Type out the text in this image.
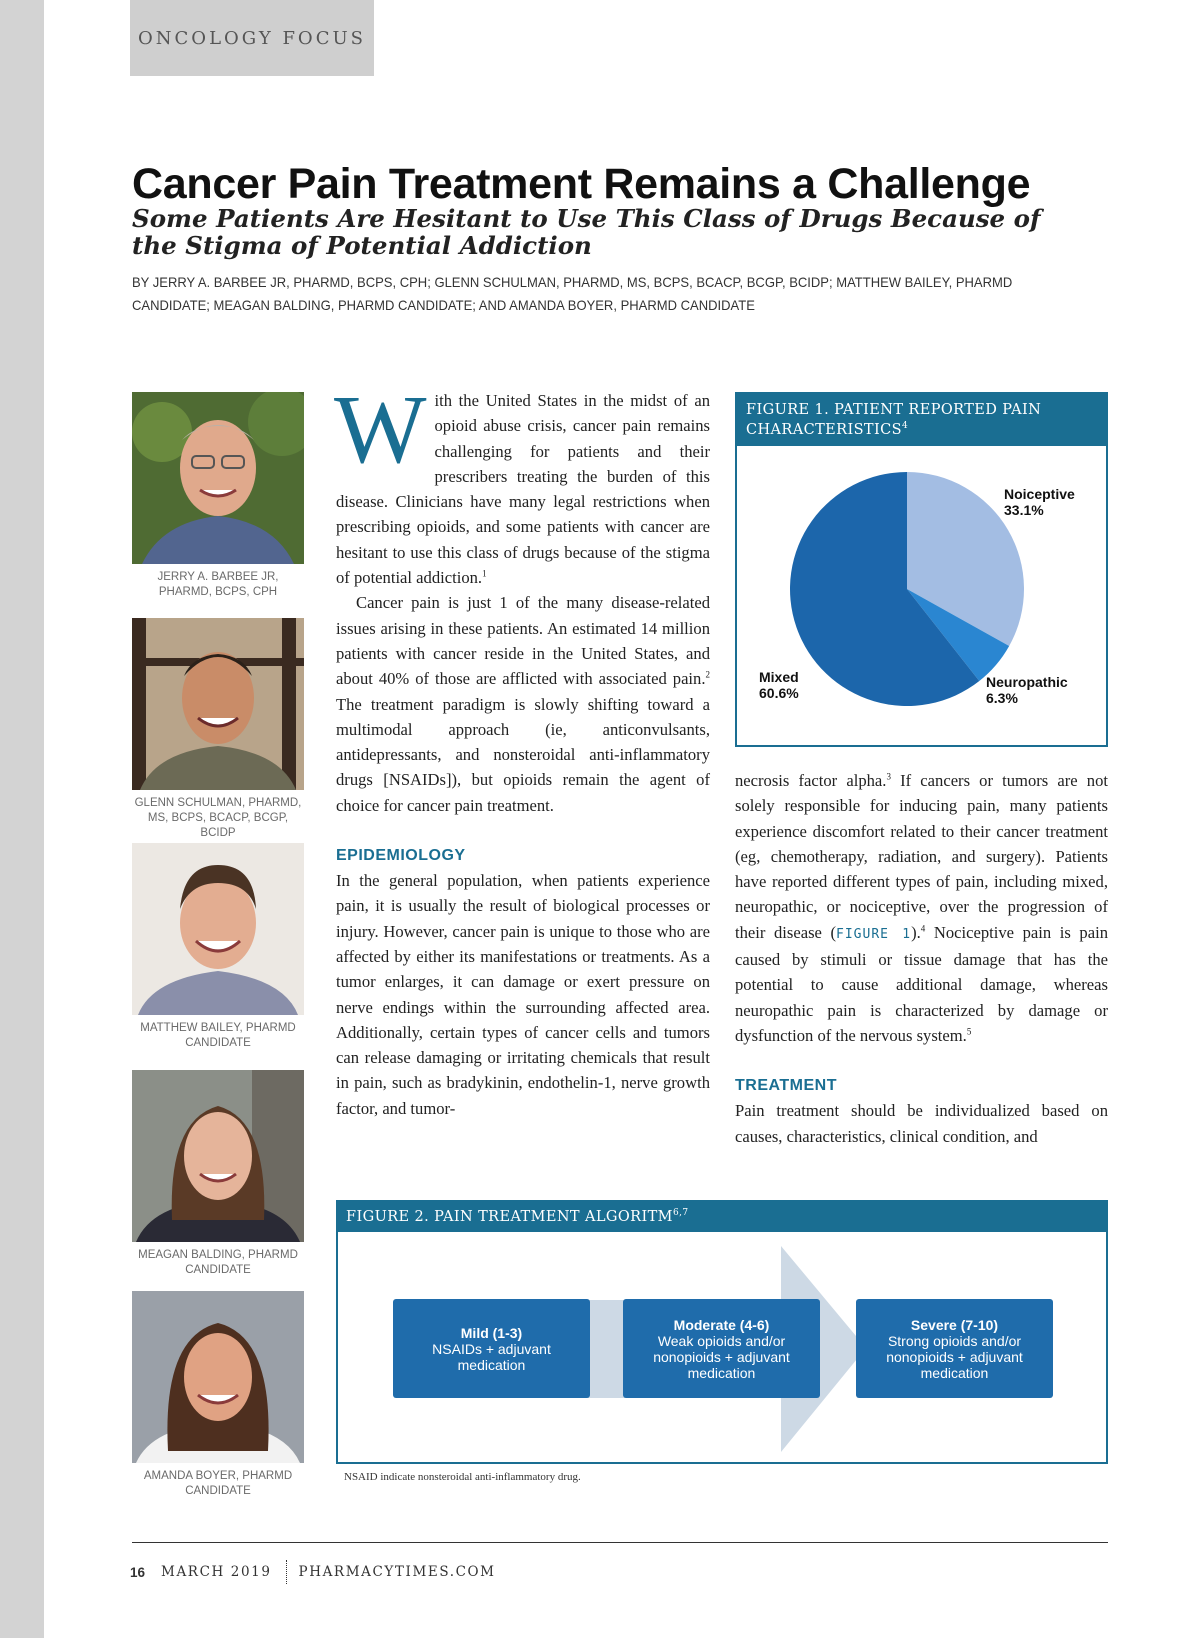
ONCOLOGY FOCUS
Cancer Pain Treatment Remains a Challenge
Some Patients Are Hesitant to Use This Class of Drugs Because of the Stigma of Potential Addiction
BY JERRY A. BARBEE JR, PHARMD, BCPS, CPH; GLENN SCHULMAN, PHARMD, MS, BCPS, BCACP, BCGP, BCIDP; MATTHEW BAILEY, PHARMD CANDIDATE; MEAGAN BALDING, PHARMD CANDIDATE; AND AMANDA BOYER, PHARMD CANDIDATE
JERRY A. BARBEE JR, PHARMD, BCPS, CPH
GLENN SCHULMAN, PHARMD, MS, BCPS, BCACP, BCGP, BCIDP
MATTHEW BAILEY, PHARMD CANDIDATE
MEAGAN BALDING, PHARMD CANDIDATE
AMANDA BOYER, PHARMD CANDIDATE

With the United States in the midst of an opioid abuse crisis, cancer pain remains challenging for patients and their prescribers treating the burden of this disease. Clinicians have many legal restrictions when prescribing opioids, and some patients with cancer are hesitant to use this class of drugs because of the stigma of potential addiction.$^1$

Cancer pain is just 1 of the many disease-related issues arising in these patients. An estimated 14 million patients with cancer reside in the United States, and about 40% of those are afflicted with associated pain.$^2$ The treatment paradigm is slowly shifting toward a multimodal approach (ie, anticonvulsants, antidepressants, and nonsteroidal anti-inflammatory drugs [NSAIDs]), but opioids remain the agent of choice for cancer pain treatment.

EPIDEMIOLOGY

In the general population, when patients experience pain, it is usually the result of biological processes or injury. However, cancer pain is unique to those who are affected by either its manifestations or treatments. As a tumor enlarges, it can damage or exert pressure on nerve endings within the surrounding affected area. Additionally, certain types of cancer cells and tumors can release damaging or irritating chemicals that result in pain, such as bradykinin, endothelin-1, nerve growth factor, and tumor-

FIGURE 1. PATIENT REPORTED PAIN CHARACTERISTICS$^4$
Noiceptive
33.1%
Neuropathic
6.3%
Mixed
60.6%

necrosis factor alpha.$^3$ If cancers or tumors are not solely responsible for inducing pain, many patients experience discomfort related to their cancer treatment (eg, chemotherapy, radiation, and surgery). Patients have reported different types of pain, including mixed, neuropathic, or nociceptive, over the progression of their disease (FIGURE 1).$^4$ Nociceptive pain is pain caused by stimuli or tissue damage that has the potential to cause additional damage, whereas neuropathic pain is characterized by damage or dysfunction of the nervous system.$^5$

TREATMENT

Pain treatment should be individualized based on causes, characteristics, clinical condition, and

FIGURE 2. PAIN TREATMENT ALGORITM$^{6,7}$
Mild (1-3)
NSAIDs + adjuvant
medication
Moderate (4-6)
Weak opioids and/or
nonopioids + adjuvant
medication
Severe (7-10)
Strong opioids and/or
nonopioids + adjuvant
medication
NSAID indicate nonsteroidal anti-inflammatory drug.
16 MARCH 2019 PHARMACYTIMES.COM
